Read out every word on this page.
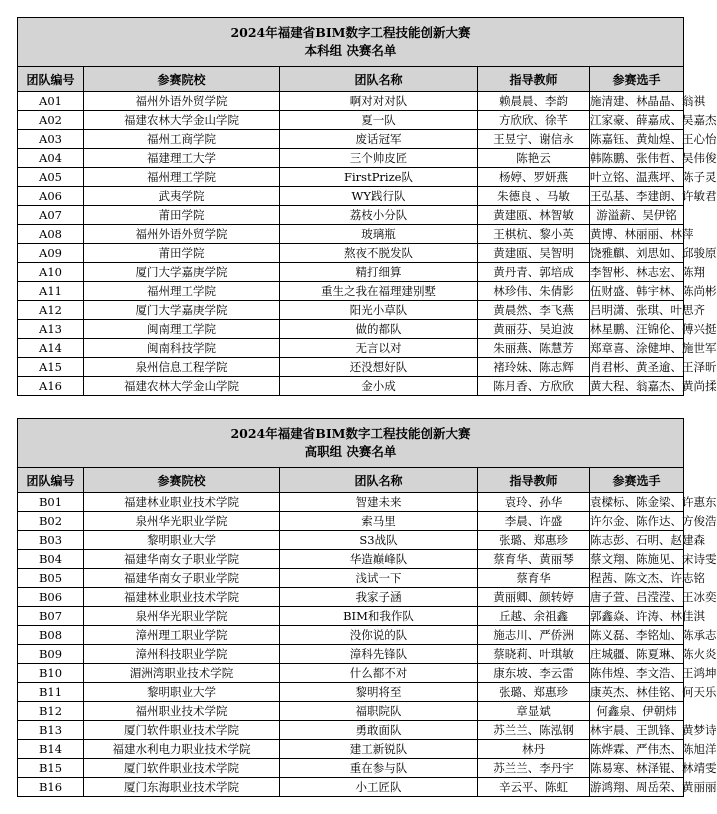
2024年福建省BIM数字工程技能创新大赛
本科组 决赛名单				

团队编号	参赛院校	团队名称	指导教师	参赛选手
A01	福州外语外贸学院	啊对对对队	赖晨晨、李韵	施清建、林晶晶、翁祺
A02	福建农林大学金山学院	夏一队	方欣欣、徐芊	江家豪、薛嘉成、吴嘉杰
A03	福州工商学院	废话冠军	王昱宁、谢信永	陈嘉钰、黄灿煌、王心怡
A04	福建理工大学	三个帅皮匠	陈艳云	韩陈鹏、张伟哲、吴伟俊
A05	福州理工学院	FirstPrize队	杨婷、罗妍燕	叶立铭、温燕坪、陈子灵
A06	武夷学院	WY践行队	朱德良 、马敏	王弘基、李建朗、许敏君
A07	莆田学院	荔枝小分队	黄建瓯、林智敏	游溢薪、吴伊铭
A08	福州外语外贸学院	玻璃瓶	王棋杭、黎小英	黄博、林丽丽、林萍
A09	莆田学院	熬夜不脱发队	黄建瓯、吴智明	饶雅麒、刘思如、邱骏原
A10	厦门大学嘉庚学院	精打细算	黄丹青、郭培成	李智彬、林志宏、陈翔
A11	福州理工学院	重生之我在福理建别墅	林珍伟、朱倩影	伍财盛、韩宇林、陈尚彬
A12	厦门大学嘉庚学院	阳光小草队	黄晨然、李飞燕	吕明潇、张琪、叶思齐
A13	闽南理工学院	做的都队	黄丽芬、吴迫波	林星鹏、汪锦伦、傅兴挺
A14	闽南科技学院	无言以对	朱丽燕、陈慧芳	郑章喜、涂健坤、施世军
A15	泉州信息工程学院	还没想好队	褚玲妹、陈志辉	肖君彬、黄圣逾、王泽昕
A16	福建农林大学金山学院	金小成	陈月香、方欣欣	黄大程、翁嘉杰、黄尚揉
2024年福建省BIM数字工程技能创新大赛
高职组 决赛名单				

团队编号	参赛院校	团队名称	指导教师	参赛选手
B01	福建林业职业技术学院	智建未来	袁玲、孙华	袁樑标、陈金梁、许惠东
B02	泉州华光职业学院	索马里	李晨、许盛	许尔金、陈作达、方俊浩
B03	黎明职业大学	S3战队	张璐、郑惠珍	陈志彭、石明、赵建森
B04	福建华南女子职业学院	华造巅峰队	蔡育华、黄丽琴	蔡文翔、陈施见、宋诗雯
B05	福建华南女子职业学院	浅试一下	蔡育华	程茜、陈文杰、许志铭
B06	福建林业职业技术学院	我家子涵	黄丽卿、颜转婷	唐子萱、吕滢滢、王冰奕
B07	泉州华光职业学院	BIM和我作队	丘越、余祖鑫	郭鑫焱、许涛、林佳淇
B08	漳州理工职业学院	没你说的队	施志川、严侨洲	陈义磊、李铭灿、陈承志
B09	漳州科技职业学院	漳科先锋队	蔡晓莉、叶琪敏	庄城疆、陈夏琳、陈火炎
B10	湄洲湾职业技术学院	什么都不对	康东坡、李云雷	陈伟煌、李文浩、王鸿坤
B11	黎明职业大学	黎明将至	张璐、郑惠珍	康英杰、林佳铭、何天乐
B12	福州职业技术学院	福职院队	章显斌	何鑫泉、伊朝炜
B13	厦门软件职业技术学院	勇敢面队	苏兰兰、陈泓钢	林宇晨、王凯锋、黄梦诗
B14	福建水利电力职业技术学院	建工新锐队	林丹	陈烨霖、严伟杰、陈旭洋
B15	厦门软件职业技术学院	重在参与队	苏兰兰、李丹宇	陈易寒、林泽锟、林靖雯
B16	厦门东海职业技术学院	小工匠队	辛云平、陈虹	游鸿翔、周岳荣、黄丽丽
